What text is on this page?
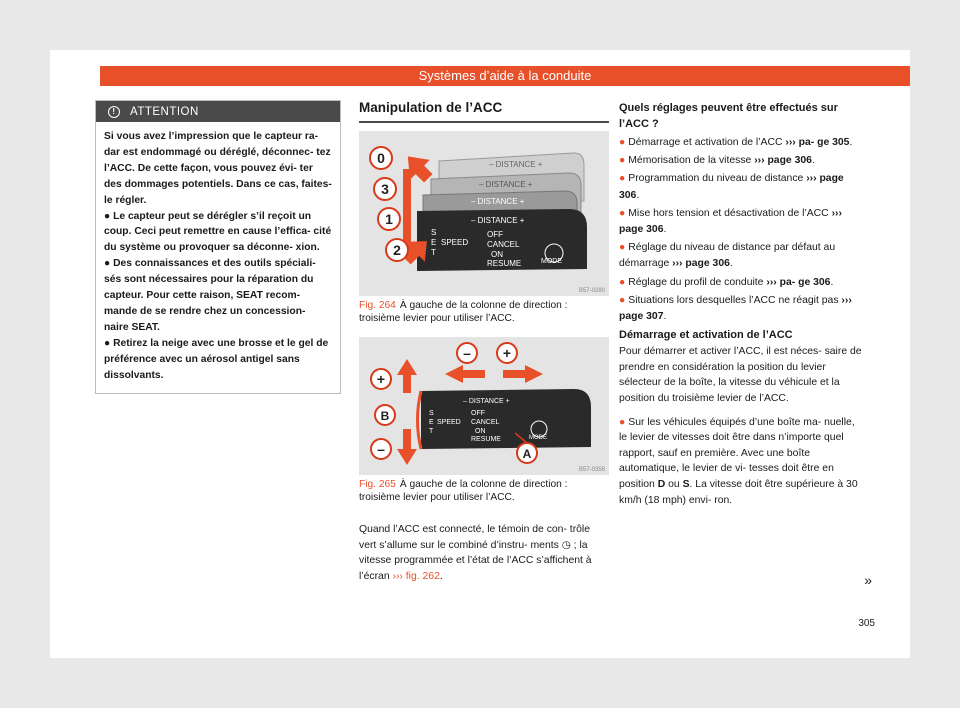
Systèmes d’aide à la conduite
!	ATTENTION

Si vous avez l’impression que le capteur ra- dar est endommagé ou déréglé, déconnec- tez l’ACC. De cette façon, vous pouvez évi- ter des dommages potentiels. Dans ce cas, faites-le régler.

● Le capteur peut se dérégler s’il reçoit un coup. Ceci peut remettre en cause l’effica- cité du système ou provoquer sa déconne- xion.

● Des connaissances et des outils spéciali- sés sont nécessaires pour la réparation du capteur. Pour cette raison, SEAT recom- mande de se rendre chez un concession- naire SEAT.

● Retirez la neige avec une brosse et le gel de préférence avec un aérosol antigel sans dissolvants.

Manipulation de l’ACC
– DISTANCE +
– DISTANCE +
– DISTANCE +
– DISTANCE +
S
E
T
SPEED
OFF
CANCEL
ON
RESUME	MODE
0
3
1
2
B57-0280
Fig. 264 À gauche de la colonne de direction : troisième levier pour utiliser l’ACC.
– DISTANCE +
S
E
T
SPEED
OFF
CANCEL
ON
RESUME	MODE
– +
+
B
–	A
B57-0358
Fig. 265 À gauche de la colonne de direction : troisième levier pour utiliser l’ACC.

Quand l’ACC est connecté, le témoin de con- trôle vert s’allume sur le combiné d’instru- ments ◷ ; la vitesse programmée et l’état de l’ACC s’affichent à l’écran ››› fig. 262.

Quels réglages peuvent être effectués sur l’ACC ?
● Démarrage et activation de l’ACC ››› pa- ge 305.
● Mémorisation de la vitesse ››› page 306.
● Programmation du niveau de distance ››› page 306.
● Mise hors tension et désactivation de l’ACC ››› page 306.
● Réglage du niveau de distance par défaut au démarrage ››› page 306.
● Réglage du profil de conduite ››› pa- ge 306.
● Situations lors desquelles l’ACC ne réagit pas ››› page 307.
Démarrage et activation de l’ACC

Pour démarrer et activer l’ACC, il est néces- saire de prendre en considération la position du levier sélecteur de la boîte, la vitesse du véhicule et la position du troisième levier de l’ACC.

● Sur les véhicules équipés d’une boîte ma- nuelle, le levier de vitesses doit être dans n’importe quel rapport, sauf en première. Avec une boîte automatique, le levier de vi- tesses doit être en position D ou S. La vitesse doit être supérieure à 30 km/h (18 mph) envi- ron.

»
305
